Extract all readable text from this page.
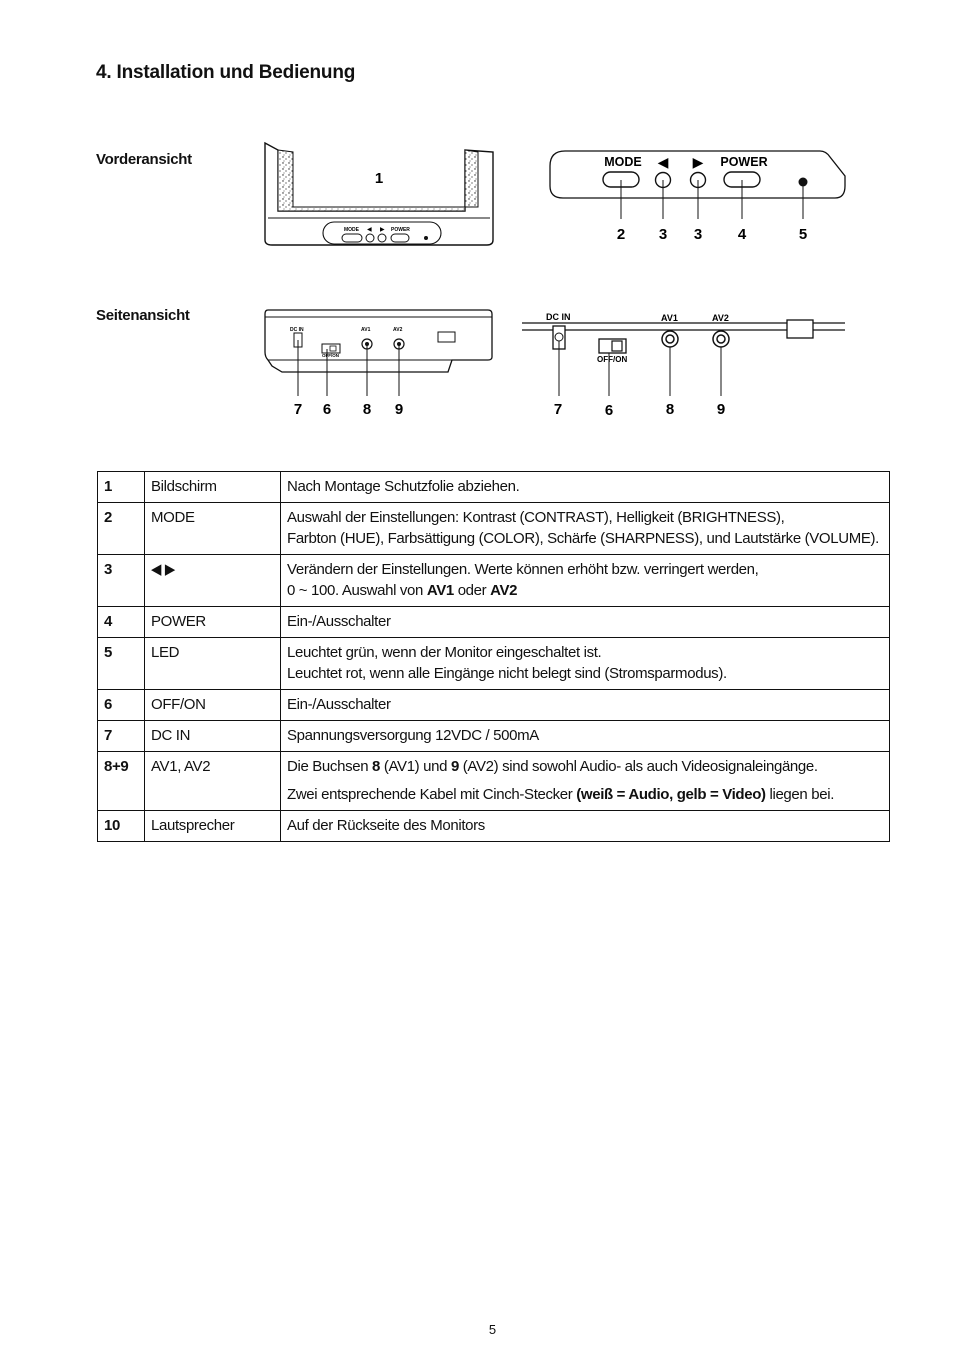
4. Installation und Bedienung
Vorderansicht
Seitenansicht
MODE ◀ ▶ POWER
1
MODE ◀ ▶ POWER
2 3 3 4	5
DC IN	AV1	AV2
OFF/ON
7 6 8 9
DC IN	AV1	AV2
OFF/ON
7	6	8	9
1	Bildschirm	Nach Montage Schutzfolie abziehen.

2	MODE	Auswahl der Einstellungen: Kontrast (CONTRAST), Helligkeit (BRIGHTNESS),
Farbton (HUE), Farbsättigung (COLOR), Schärfe (SHARPNESS), und Lautstärke (VOLUME).

3	◀ ▶	Verändern der Einstellungen. Werte können erhöht bzw. verringert werden,
0 ~ 100. Auswahl von AV1 oder AV2

4	POWER	Ein-/Ausschalter

5	LED	Leuchtet grün, wenn der Monitor eingeschaltet ist.
Leuchtet rot, wenn alle Eingänge nicht belegt sind (Stromsparmodus).

6	OFF/ON	Ein-/Ausschalter

7	DC IN	Spannungsversorgung 12VDC / 500mA

8+9	AV1, AV2	Die Buchsen 8 (AV1) und 9 (AV2) sind sowohl Audio- als auch Videosignaleingänge.
Zwei entsprechende Kabel mit Cinch-Stecker (weiß = Audio, gelb = Video) liegen bei.

10	Lautsprecher	Auf der Rückseite des Monitors
5
